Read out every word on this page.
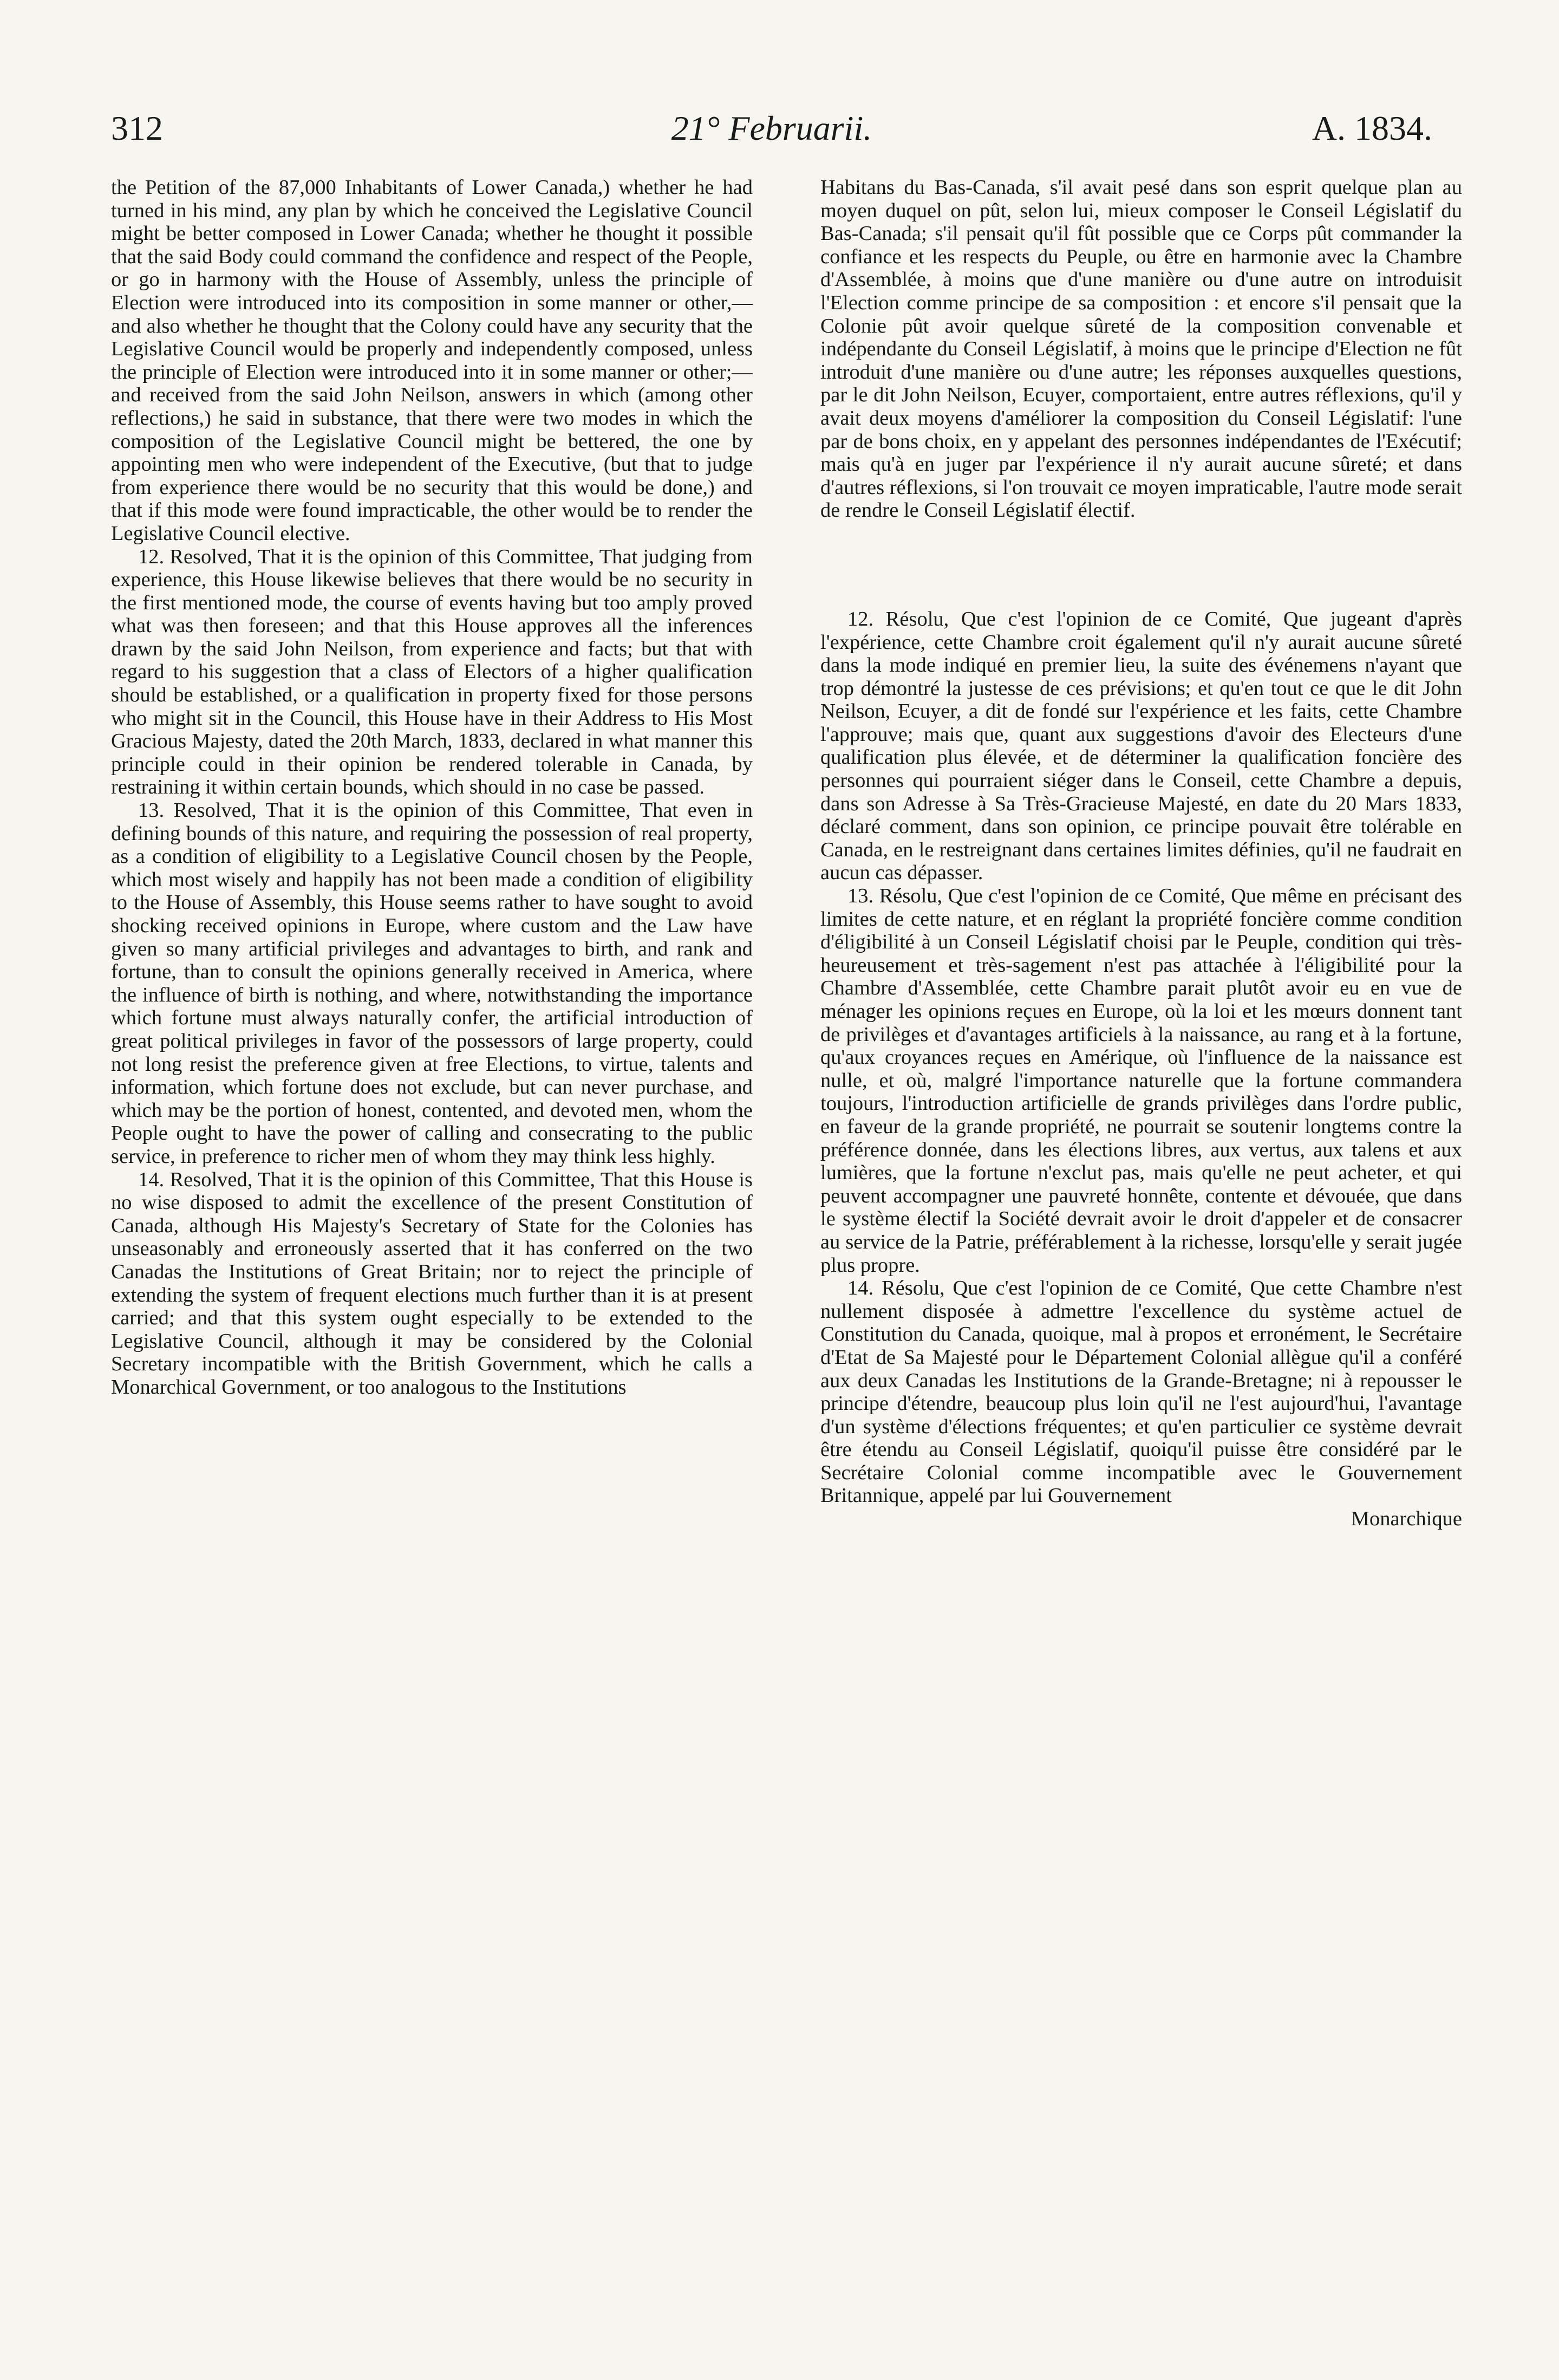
312	21° Februarii.	A. 1834.

the Petition of the 87,000 Inhabitants of Lower Canada,) whether he had turned in his mind, any plan by which he conceived the Legislative Council might be better composed in Lower Canada; whether he thought it possible that the said Body could command the confidence and respect of the People, or go in harmony with the House of Assembly, unless the principle of Election were introduced into its composition in some manner or other,—and also whether he thought that the Colony could have any security that the Legislative Council would be properly and independently composed, unless the principle of Election were introduced into it in some manner or other;—and received from the said John Neilson, answers in which (among other reflections,) he said in substance, that there were two modes in which the composition of the Legislative Council might be bettered, the one by appointing men who were independent of the Executive, (but that to judge from experience there would be no security that this would be done,) and that if this mode were found impracticable, the other would be to render the Legislative Council elective.

12. Resolved, That it is the opinion of this Committee, That judging from experience, this House likewise believes that there would be no security in the first mentioned mode, the course of events having but too amply proved what was then foreseen; and that this House approves all the inferences drawn by the said John Neilson, from experience and facts; but that with regard to his suggestion that a class of Electors of a higher qualification should be established, or a qualification in property fixed for those persons who might sit in the Council, this House have in their Address to His Most Gracious Majesty, dated the 20th March, 1833, declared in what manner this principle could in their opinion be rendered tolerable in Canada, by restraining it within certain bounds, which should in no case be passed.

13. Resolved, That it is the opinion of this Committee, That even in defining bounds of this nature, and requiring the possession of real property, as a condition of eligibility to a Legislative Council chosen by the People, which most wisely and happily has not been made a condition of eligibility to the House of Assembly, this House seems rather to have sought to avoid shocking received opinions in Europe, where custom and the Law have given so many artificial privileges and advantages to birth, and rank and fortune, than to consult the opinions generally received in America, where the influence of birth is nothing, and where, notwithstanding the importance which fortune must always naturally confer, the artificial introduction of great political privileges in favor of the possessors of large property, could not long resist the preference given at free Elections, to virtue, talents and information, which fortune does not exclude, but can never purchase, and which may be the portion of honest, contented, and devoted men, whom the People ought to have the power of calling and consecrating to the public service, in preference to richer men of whom they may think less highly.

14. Resolved, That it is the opinion of this Committee, That this House is no wise disposed to admit the excellence of the present Constitution of Canada, although His Majesty's Secretary of State for the Colonies has unseasonably and erroneously asserted that it has conferred on the two Canadas the Institutions of Great Britain; nor to reject the principle of extending the system of frequent elections much further than it is at present carried; and that this system ought especially to be extended to the Legislative Council, although it may be considered by the Colonial Secretary incompatible with the British Government, which he calls a Monarchical Government, or too analogous to the Institutions

Habitans du Bas-Canada, s'il avait pesé dans son esprit quelque plan au moyen duquel on pût, selon lui, mieux composer le Conseil Législatif du Bas-Canada; s'il pensait qu'il fût possible que ce Corps pût commander la confiance et les respects du Peuple, ou être en harmonie avec la Chambre d'Assemblée, à moins que d'une manière ou d'une autre on introduisit l'Election comme principe de sa composition : et encore s'il pensait que la Colonie pût avoir quelque sûreté de la composition convenable et indépendante du Conseil Législatif, à moins que le principe d'Election ne fût introduit d'une manière ou d'une autre; les réponses auxquelles questions, par le dit John Neilson, Ecuyer, comportaient, entre autres réflexions, qu'il y avait deux moyens d'améliorer la composition du Conseil Législatif: l'une par de bons choix, en y appelant des personnes indépendantes de l'Exécutif; mais qu'à en juger par l'expérience il n'y aurait aucune sûreté; et dans d'autres réflexions, si l'on trouvait ce moyen impraticable, l'autre mode serait de rendre le Conseil Législatif électif.

12. Résolu, Que c'est l'opinion de ce Comité, Que jugeant d'après l'expérience, cette Chambre croit également qu'il n'y aurait aucune sûreté dans la mode indiqué en premier lieu, la suite des événemens n'ayant que trop démontré la justesse de ces prévisions; et qu'en tout ce que le dit John Neilson, Ecuyer, a dit de fondé sur l'expérience et les faits, cette Chambre l'approuve; mais que, quant aux suggestions d'avoir des Electeurs d'une qualification plus élevée, et de déterminer la qualification foncière des personnes qui pourraient siéger dans le Conseil, cette Chambre a depuis, dans son Adresse à Sa Très-Gracieuse Majesté, en date du 20 Mars 1833, déclaré comment, dans son opinion, ce principe pouvait être tolérable en Canada, en le restreignant dans certaines limites définies, qu'il ne faudrait en aucun cas dépasser.

13. Résolu, Que c'est l'opinion de ce Comité, Que même en précisant des limites de cette nature, et en réglant la propriété foncière comme condition d'éligibilité à un Conseil Législatif choisi par le Peuple, condition qui très-heureusement et très-sagement n'est pas attachée à l'éligibilité pour la Chambre d'Assemblée, cette Chambre parait plutôt avoir eu en vue de ménager les opinions reçues en Europe, où la loi et les mœurs donnent tant de privilèges et d'avantages artificiels à la naissance, au rang et à la fortune, qu'aux croyances reçues en Amérique, où l'influence de la naissance est nulle, et où, malgré l'importance naturelle que la fortune commandera toujours, l'introduction artificielle de grands privilèges dans l'ordre public, en faveur de la grande propriété, ne pourrait se soutenir longtems contre la préférence donnée, dans les élections libres, aux vertus, aux talens et aux lumières, que la fortune n'exclut pas, mais qu'elle ne peut acheter, et qui peuvent accompagner une pauvreté honnête, contente et dévouée, que dans le système électif la Société devrait avoir le droit d'appeler et de consacrer au service de la Patrie, préférablement à la richesse, lorsqu'elle y serait jugée plus propre.

14. Résolu, Que c'est l'opinion de ce Comité, Que cette Chambre n'est nullement disposée à admettre l'excellence du système actuel de Constitution du Canada, quoique, mal à propos et erronément, le Secrétaire d'Etat de Sa Majesté pour le Département Colonial allègue qu'il a conféré aux deux Canadas les Institutions de la Grande-Bretagne; ni à repousser le principe d'étendre, beaucoup plus loin qu'il ne l'est aujourd'hui, l'avantage d'un système d'élections fréquentes; et qu'en particulier ce système devrait être étendu au Conseil Législatif, quoiqu'il puisse être considéré par le Secrétaire Colonial comme incompatible avec le Gouvernement Britannique, appelé par lui Gouvernement

Monarchique
